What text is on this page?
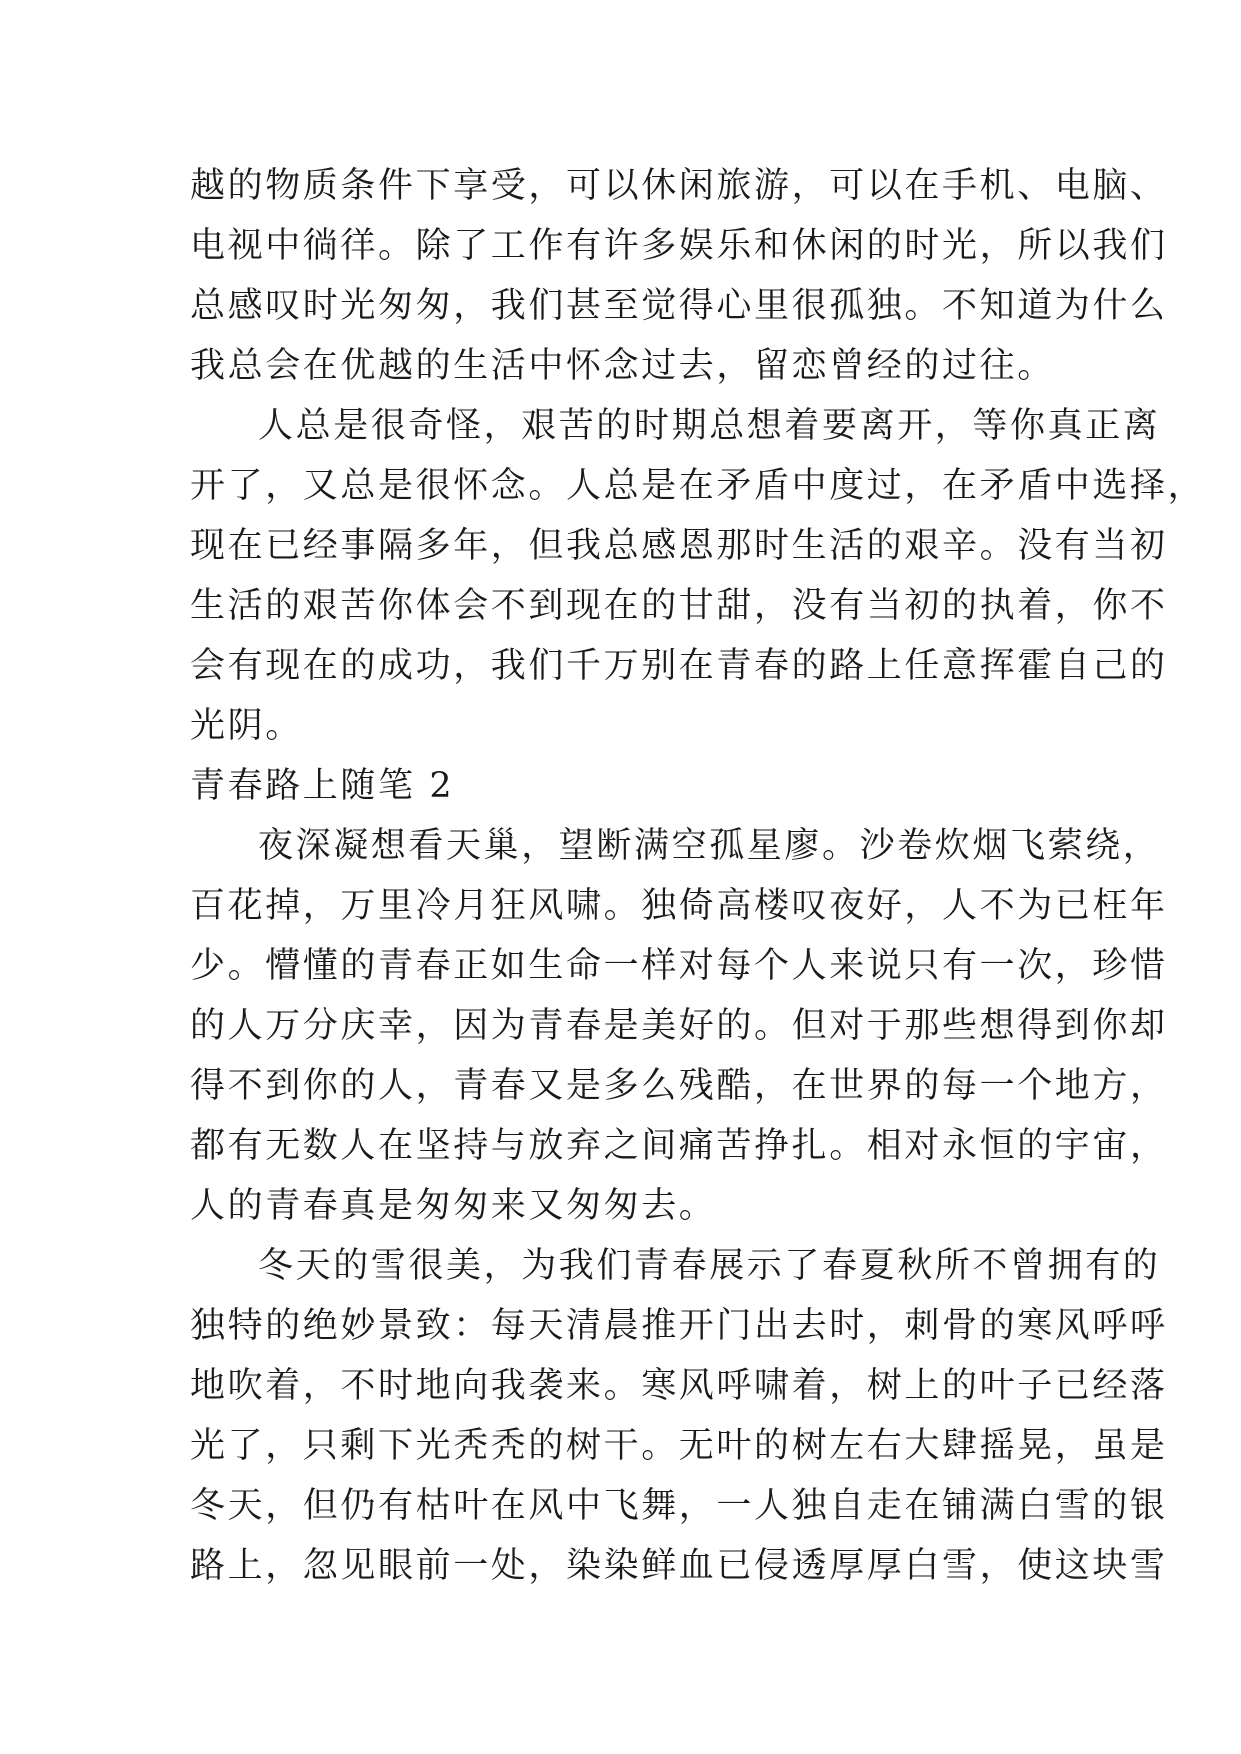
越的物质条件下享受，可以休闲旅游，可以在手机、电脑、
电视中徜徉。除了工作有许多娱乐和休闲的时光，所以我们
总感叹时光匆匆，我们甚至觉得心里很孤独。不知道为什么
我总会在优越的生活中怀念过去，留恋曾经的过往。
人总是很奇怪，艰苦的时期总想着要离开，等你真正离
开了，又总是很怀念。人总是在矛盾中度过，在矛盾中选择，
现在已经事隔多年，但我总感恩那时生活的艰辛。没有当初
生活的艰苦你体会不到现在的甘甜，没有当初的执着，你不
会有现在的成功，我们千万别在青春的路上任意挥霍自己的
光阴。
青春路上随笔 2
夜深凝想看天巢，望断满空孤星廖。沙卷炊烟飞萦绕，
百花掉，万里冷月狂风啸。独倚高楼叹夜好，人不为已枉年
少。懵懂的青春正如生命一样对每个人来说只有一次，珍惜
的人万分庆幸，因为青春是美好的。但对于那些想得到你却
得不到你的人，青春又是多么残酷，在世界的每一个地方，
都有无数人在坚持与放弃之间痛苦挣扎。相对永恒的宇宙，
人的青春真是匆匆来又匆匆去。
冬天的雪很美，为我们青春展示了春夏秋所不曾拥有的
独特的绝妙景致：每天清晨推开门出去时，刺骨的寒风呼呼
地吹着，不时地向我袭来。寒风呼啸着，树上的叶子已经落
光了，只剩下光秃秃的树干。无叶的树左右大肆摇晃，虽是
冬天，但仍有枯叶在风中飞舞，一人独自走在铺满白雪的银
路上，忽见眼前一处，染染鲜血已侵透厚厚白雪，使这块雪
